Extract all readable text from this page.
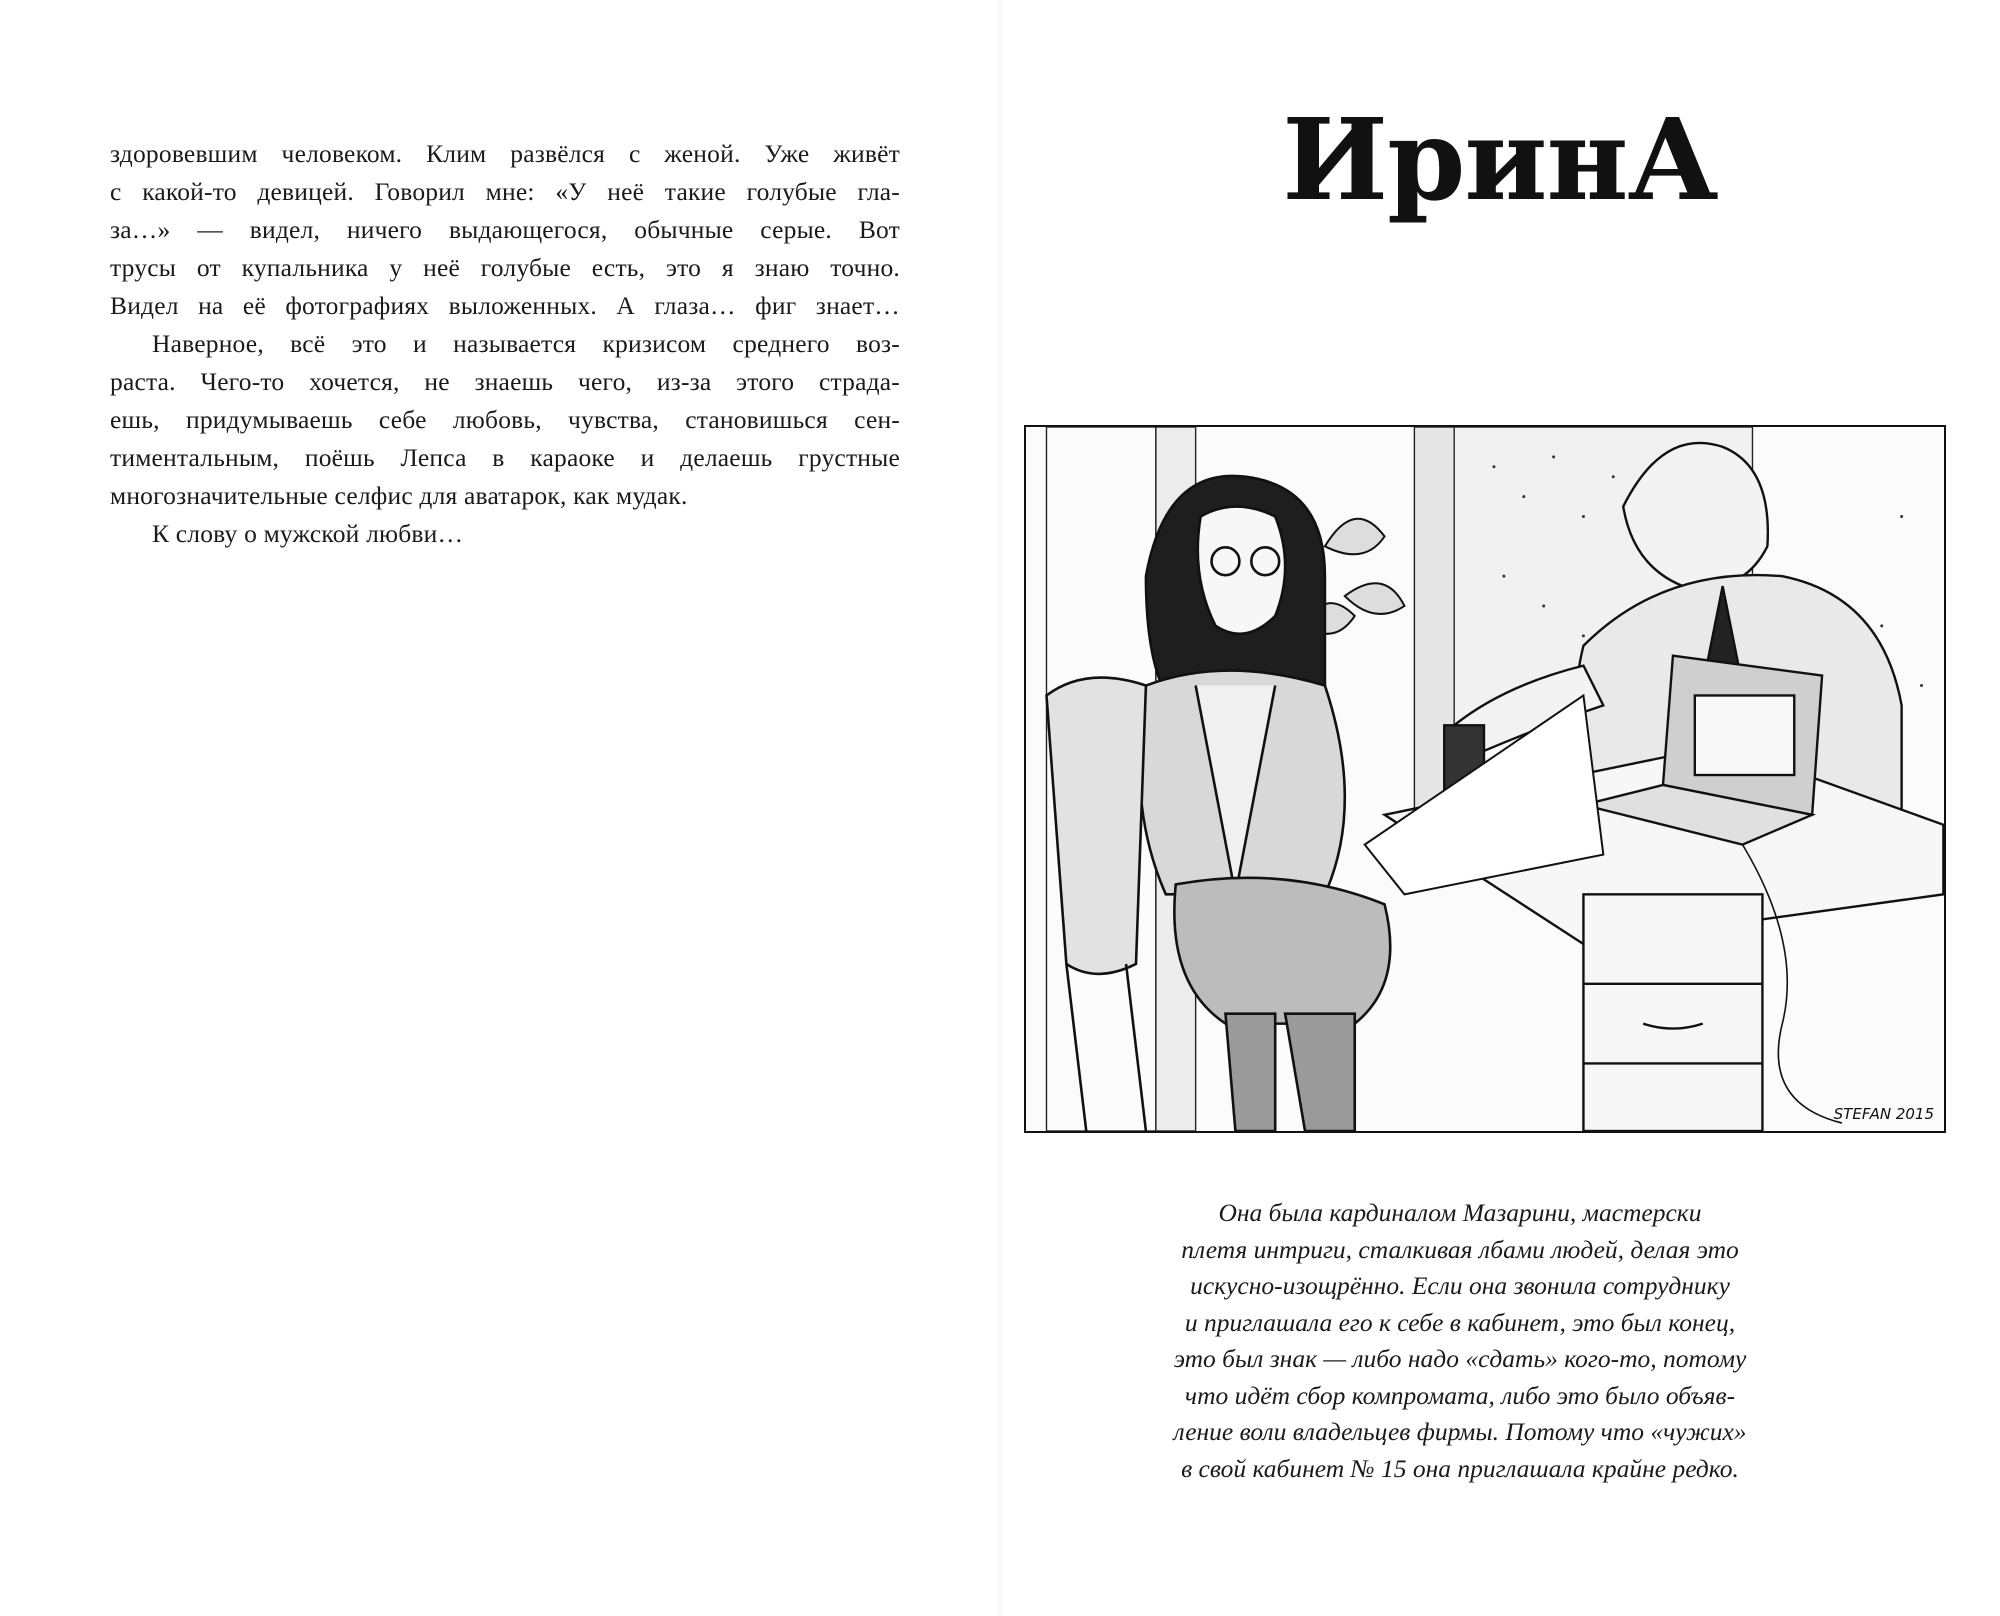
здоровевшим человеком. Клим развёлся с женой. Уже живёт

с какой-то девицей. Говорил мне: «У неё такие голубые гла-

за…» — видел, ничего выдающегося, обычные серые. Вот

трусы от купальника у неё голубые есть, это я знаю точно.

Видел на её фотографиях выложенных. А глаза… фиг знает…

Наверное, всё это и называется кризисом среднего воз-

раста. Чего-то хочется, не знаешь чего, из-за этого страда-

ешь, придумываешь себе любовь, чувства, становишься сен-

тиментальным, поёшь Лепса в караоке и делаешь грустные

многозначительные селфис для аватарок, как мудак.

К слову о мужской любви…

ИринА
STEFAN 2015
Она была кардиналом Мазарини, мастерски
плетя интриги, сталкивая лбами людей, делая это
искусно-изощрённо. Если она звонила сотруднику
и приглашала его к себе в кабинет, это был конец,
это был знак — либо надо «сдать» кого-то, потому
что идёт сбор компромата, либо это было объяв-
ление воли владельцев фирмы. Потому что «чужих»
в свой кабинет № 15 она приглашала крайне редко.
